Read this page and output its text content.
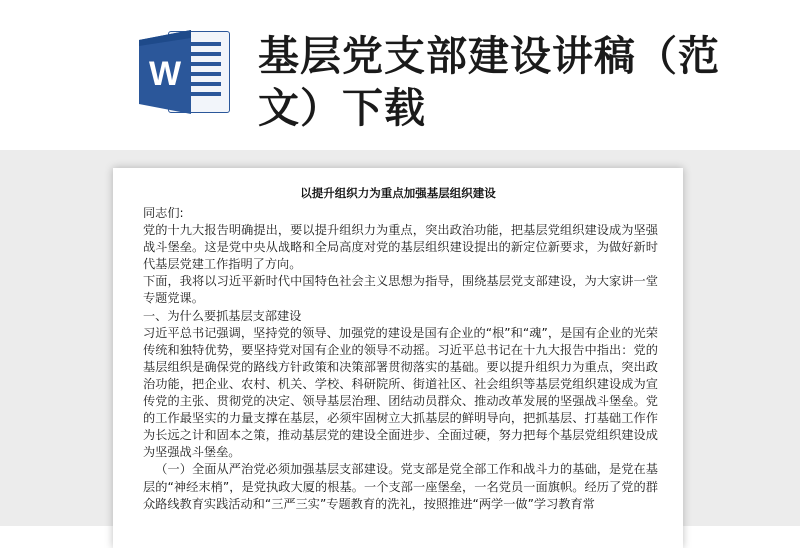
W 基层党支部建设讲稿（范文）下载
以提升组织力为重点加强基层组织建设

同志们:

党的十九大报告明确提出，要以提升组织力为重点，突出政治功能，把基层党组织建设成为坚强战斗堡垒。这是党中央从战略和全局高度对党的基层组织建设提出的新定位新要求，为做好新时代基层党建工作指明了方向。

下面，我将以习近平新时代中国特色社会主义思想为指导，围绕基层党支部建设，为大家讲一堂专题党课。

一、为什么要抓基层支部建设

习近平总书记强调，坚持党的领导、加强党的建设是国有企业的“根”和“魂”，是国有企业的光荣传统和独特优势，要坚持党对国有企业的领导不动摇。习近平总书记在十九大报告中指出：党的基层组织是确保党的路线方针政策和决策部署贯彻落实的基础。要以提升组织力为重点，突出政治功能，把企业、农村、机关、学校、科研院所、街道社区、社会组织等基层党组织建设成为宣传党的主张、贯彻党的决定、领导基层治理、团结动员群众、推动改革发展的坚强战斗堡垒。党的工作最坚实的力量支撑在基层，必须牢固树立大抓基层的鲜明导向，把抓基层、打基础工作作为长远之计和固本之策，推动基层党的建设全面进步、全面过硬，努力把每个基层党组织建设成为坚强战斗堡垒。

（一）全面从严治党必须加强基层支部建设。党支部是党全部工作和战斗力的基础，是党在基层的“神经末梢”，是党执政大厦的根基。一个支部一座堡垒，一名党员一面旗帜。经历了党的群众路线教育实践活动和“三严三实”专题教育的洗礼，按照推进“两学一做”学习教育常
